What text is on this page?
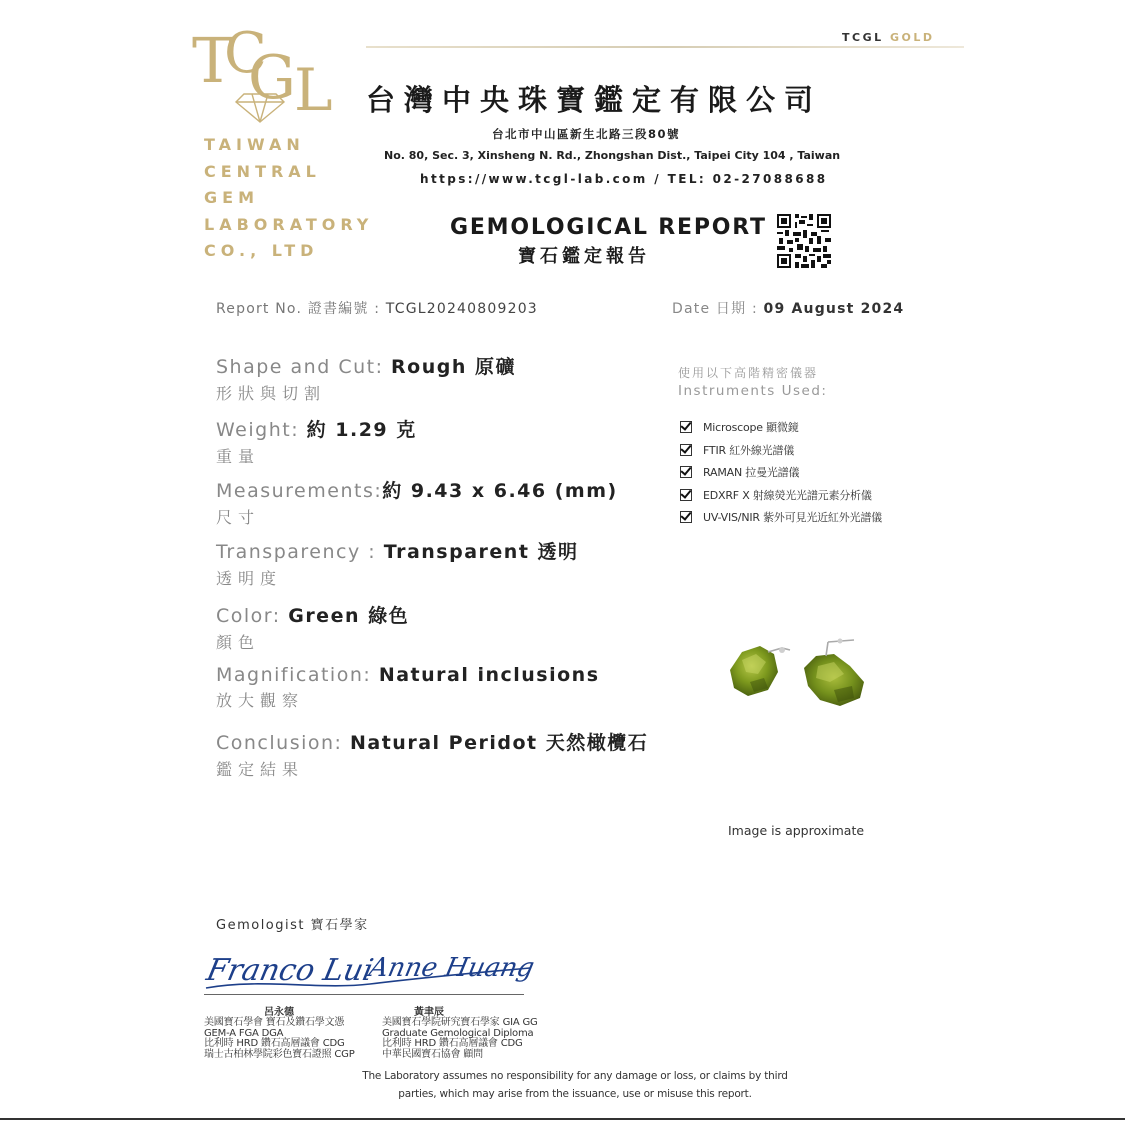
T
C
G
L
TAIWAN
CENTRAL
GEM
LABORATORY
CO., LTD
TCGL GOLD
台灣中央珠寶鑑定有限公司
台北市中山區新生北路三段80號
No. 80, Sec. 3, Xinsheng N. Rd., Zhongshan Dist., Taipei City 104 , Taiwan
https://www.tcgl-lab.com / TEL: 02-27088688
GEMOLOGICAL REPORT
寶石鑑定報告
Report No. 證書編號 : TCGL20240809203	Date 日期 : 09 August 2024
Shape and Cut: Rough 原礦
形狀與切割
Weight: 約 1.29 克
重量
Measurements:約 9.43 x 6.46 (mm)
尺寸
Transparency : Transparent 透明
透明度
Color: Green 綠色
顏色
Magnification: Natural inclusions
放大觀察
Conclusion: Natural Peridot 天然橄欖石
鑑定結果
使用以下高階精密儀器
Instruments Used:
Microscope 顯微鏡
FTIR 紅外線光譜儀
RAMAN 拉曼光譜儀
EDXRF X 射線熒光光譜元素分析儀
UV-VIS/NIR 紫外可見光近紅外光譜儀
Image is approximate
Gemologist 寶石學家
Franco Lui
Anne Huang
呂永德	黃聿辰
美國寶石學會 寶石及鑽石學文憑
GEM-A FGA DGA
比利時 HRD 鑽石高層議會 CDG
瑞士古柏林學院彩色寶石證照 CGP
美國寶石學院研究寶石學家 GIA GG
Graduate Gemological Diploma
比利時 HRD 鑽石高層議會 CDG
中華民國寶石協會 顧問
The Laboratory assumes no responsibility for any damage or loss, or claims by third
parties, which may arise from the issuance, use or misuse this report.
